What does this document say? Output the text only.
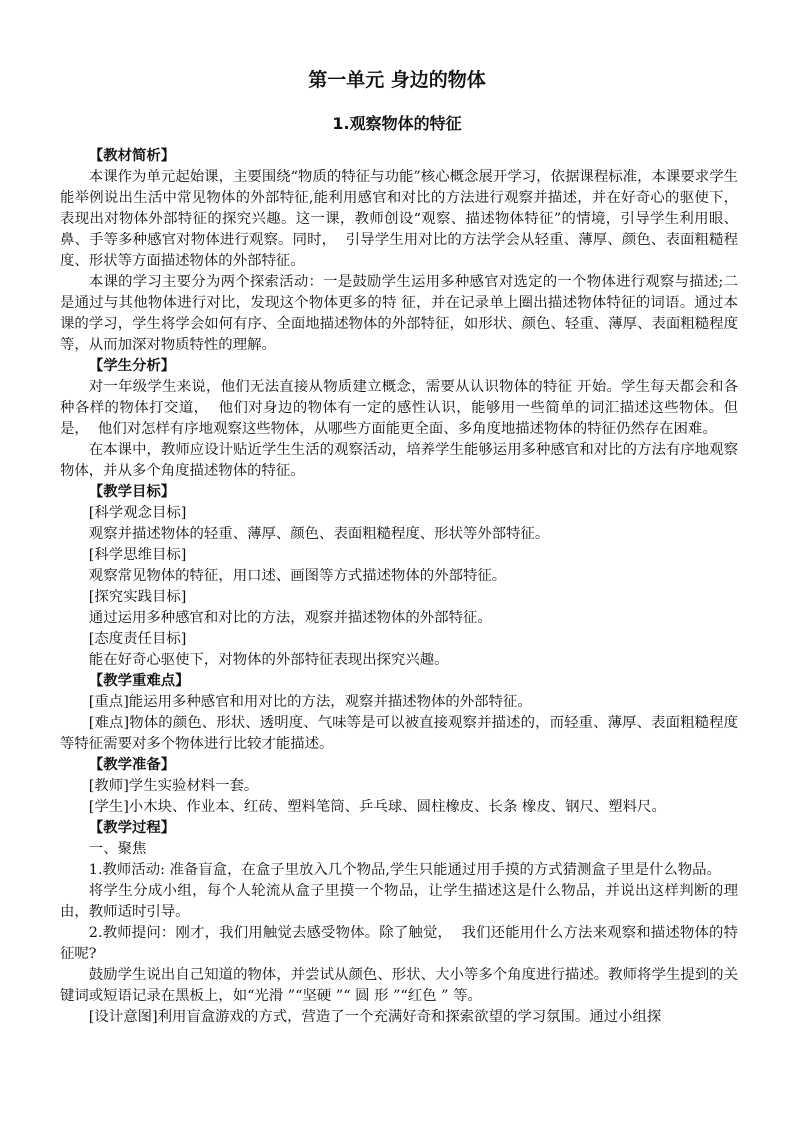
第一单元 身边的物体
1.观察物体的特征

【教材简析】

本课作为单元起始课，主要围绕“物质的特征与功能”核心概念展开学习，依据课程标准，本课要求学生能举例说出生活中常见物体的外部特征,能利用感官和对比的方法进行观察并描述，并在好奇心的驱使下，表现出对物体外部特征的探究兴趣。这一课，教师创设“观察、描述物体特征”的情境，引导学生利用眼、鼻、手等多种感官对物体进行观察。同时，  引导学生用对比的方法学会从轻重、薄厚、颜色、表面粗糙程度、形状等方面描述物体的外部特征。

本课的学习主要分为两个探索活动：一是鼓励学生运用多种感官对选定的一个物体进行观察与描述;二是通过与其他物体进行对比，发现这个物体更多的特 征，并在记录单上圈出描述物体特征的词语。通过本课的学习，学生将学会如何有序、全面地描述物体的外部特征，如形状、颜色、轻重、薄厚、表面粗糙程度等，从而加深对物质特性的理解。

【学生分析】

对一年级学生来说，他们无法直接从物质建立概念，需要从认识物体的特征 开始。学生每天都会和各种各样的物体打交道，  他们对身边的物体有一定的感性认识，能够用一些简单的词汇描述这些物体。但是，  他们对怎样有序地观察这些物体，从哪些方面能更全面、多角度地描述物体的特征仍然存在困难。

在本课中，教师应设计贴近学生生活的观察活动，培养学生能够运用多种感官和对比的方法有序地观察物体，并从多个角度描述物体的特征。

【教学目标】

[科学观念目标]

观察并描述物体的轻重、薄厚、颜色、表面粗糙程度、形状等外部特征。

[科学思维目标]

观察常见物体的特征，用口述、画图等方式描述物体的外部特征。

[探究实践目标]

通过运用多种感官和对比的方法，观察并描述物体的外部特征。

[态度责任目标]

能在好奇心驱使下，对物体的外部特征表现出探究兴趣。

【教学重难点】

[重点]能运用多种感官和用对比的方法，观察并描述物体的外部特征。

[难点]物体的颜色、形状、透明度、气味等是可以被直接观察并描述的，而轻重、薄厚、表面粗糙程度等特征需要对多个物体进行比较才能描述。

【教学准备】

[教师]学生实验材料一套。

[学生]小木块、作业本、红砖、塑料笔筒、乒乓球、圆柱橡皮、长条 橡皮、钢尺、塑料尺。

【教学过程】

一、聚焦

1.教师活动: 准备盲盒，在盒子里放入几个物品,学生只能通过用手摸的方式猜测盒子里是什么物品。

将学生分成小组，每个人轮流从盒子里摸一个物品，让学生描述这是什么物品，并说出这样判断的理由，教师适时引导。

2.教师提问：刚才，我们用触觉去感受物体。除了触觉，  我们还能用什么方法来观察和描述物体的特征呢?

鼓励学生说出自己知道的物体，并尝试从颜色、形状、大小等多个角度进行描述。教师将学生提到的关键词或短语记录在黑板上，如“光滑 ”“坚硬 ”“ 圆 形 ”“红色 ” 等。

[设计意图]利用盲盒游戏的方式，营造了一个充满好奇和探索欲望的学习氛围。通过小组探
